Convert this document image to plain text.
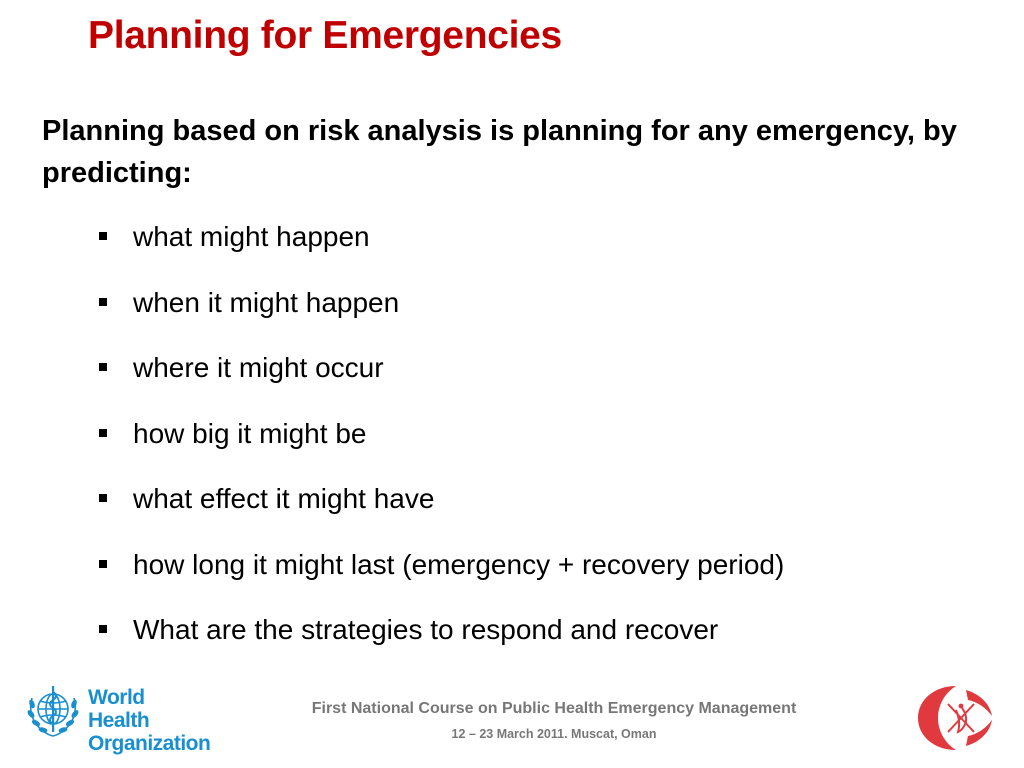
Planning for Emergencies
Planning based on risk analysis is planning for any emergency, by predicting:
what might happen
when it might happen
where it might occur
how big it might be
what effect it might have
how long it might last (emergency + recovery period)
What are the strategies to respond and recover
World Health
Organization
First National Course on Public Health Emergency Management
12 – 23 March 2011. Muscat, Oman
